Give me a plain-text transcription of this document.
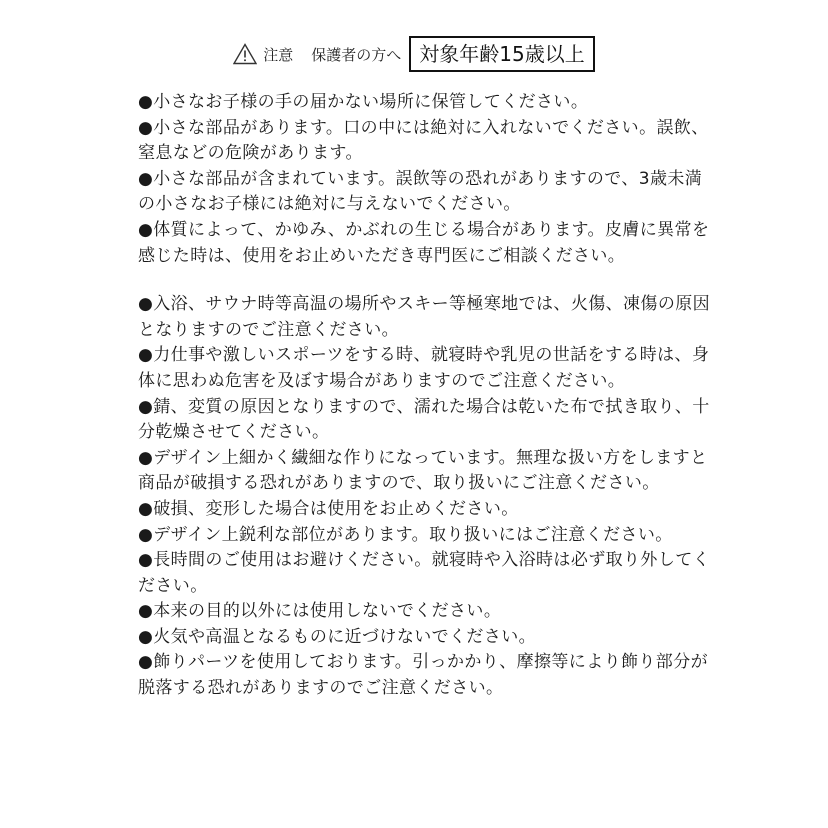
注意 保護者の方へ 対象年齢15歳以上

●小さなお子様の手の届かない場所に保管してください。

●小さな部品があります。口の中には絶対に入れないでください。誤飲、窒息などの危険があります。

●小さな部品が含まれています。誤飲等の恐れがありますので、3歳未満の小さなお子様には絶対に与えないでください。

●体質によって、かゆみ、かぶれの生じる場合があります。皮膚に異常を感じた時は、使用をお止めいただき専門医にご相談ください。

●入浴、サウナ時等高温の場所やスキー等極寒地では、火傷、凍傷の原因となりますのでご注意ください。

●力仕事や激しいスポーツをする時、就寝時や乳児の世話をする時は、身体に思わぬ危害を及ぼす場合がありますのでご注意ください。

●錆、変質の原因となりますので、濡れた場合は乾いた布で拭き取り、十分乾燥させてください。

●デザイン上細かく繊細な作りになっています。無理な扱い方をしますと商品が破損する恐れがありますので、取り扱いにご注意ください。

●破損、変形した場合は使用をお止めください。

●デザイン上鋭利な部位があります。取り扱いにはご注意ください。

●長時間のご使用はお避けください。就寝時や入浴時は必ず取り外してください。

●本来の目的以外には使用しないでください。

●火気や高温となるものに近づけないでください。

●飾りパーツを使用しております。引っかかり、摩擦等により飾り部分が脱落する恐れがありますのでご注意ください。
